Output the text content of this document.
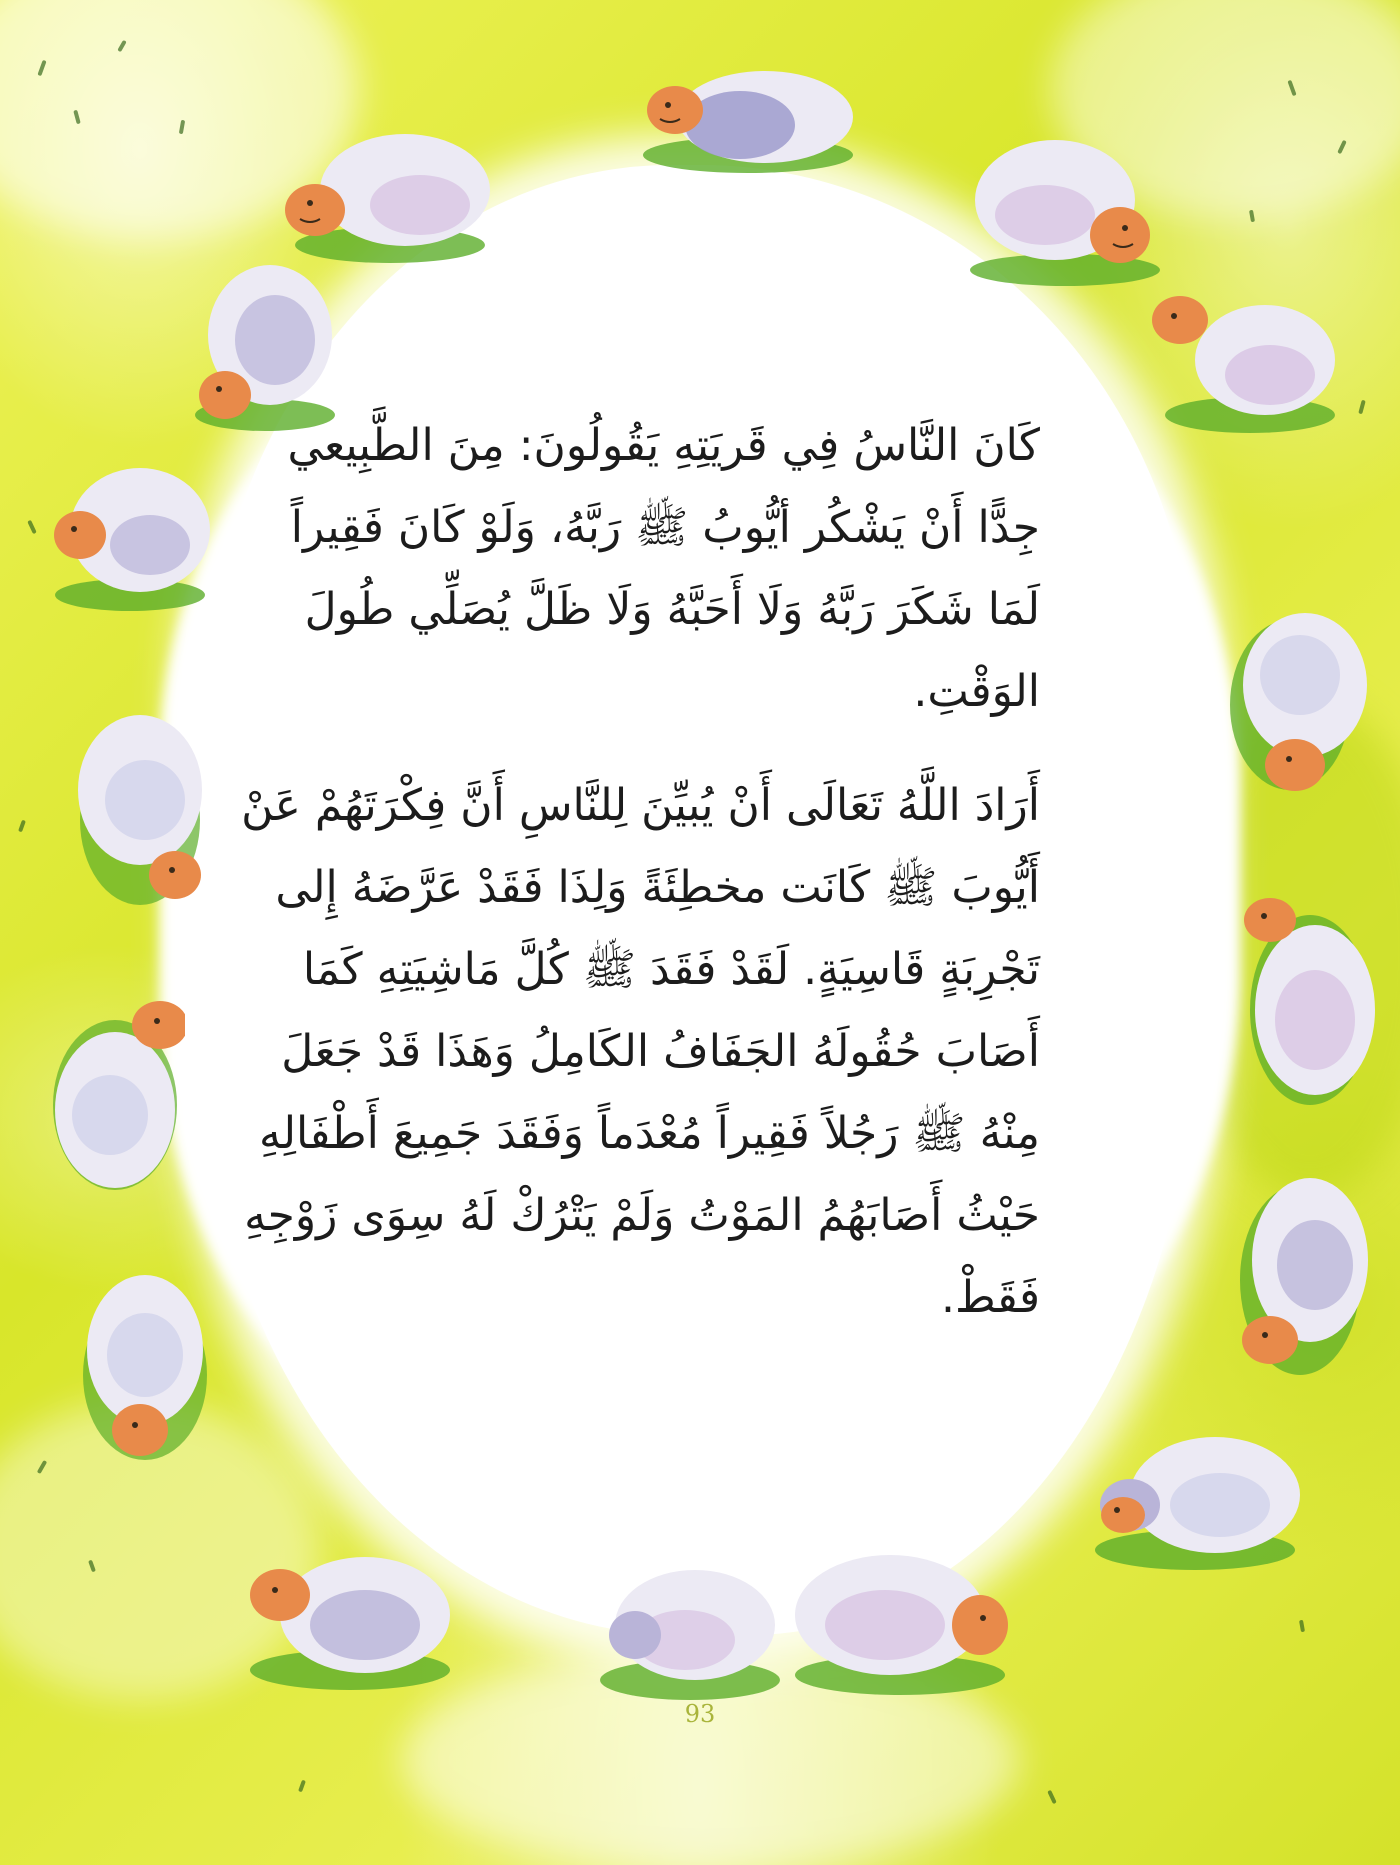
كَانَ النَّاسُ فِي قَريَتِهِ يَقُولُونَ: مِنَ الطَّبِيعي جِدًّا أَنْ يَشْكُر أيُّوبُ ﷺ رَبَّهُ، وَلَوْ كَانَ فَقِيراً لَمَا شَكَرَ رَبَّهُ وَلَا أَحَبَّهُ وَلَا ظَلَّ يُصَلِّي طُولَ الوَقْتِ.

أَرَادَ اللَّهُ تَعَالَى أَنْ يُبيِّنَ لِلنَّاسِ أَنَّ فِكْرَتَهُمْ عَنْ أَيُّوبَ ﷺ كَانَت مخطِئَةً وَلِذَا فَقَدْ عَرَّضَهُ إِلى تَجْرِبَةٍ قَاسِيَةٍ. لَقَدْ فَقَدَ ﷺ كُلَّ مَاشِيَتِهِ كَمَا أَصَابَ حُقُولَهُ الجَفَافُ الكَامِلُ وَهَذَا قَدْ جَعَلَ مِنْهُ ﷺ رَجُلاً فَقِيراً مُعْدَماً وَفَقَدَ جَمِيعَ أَطْفَالِهِ حَيْثُ أَصَابَهُمُ المَوْتُ وَلَمْ يَتْرُكْ لَهُ سِوَى زَوْجِهِ فَقَطْ.

93
